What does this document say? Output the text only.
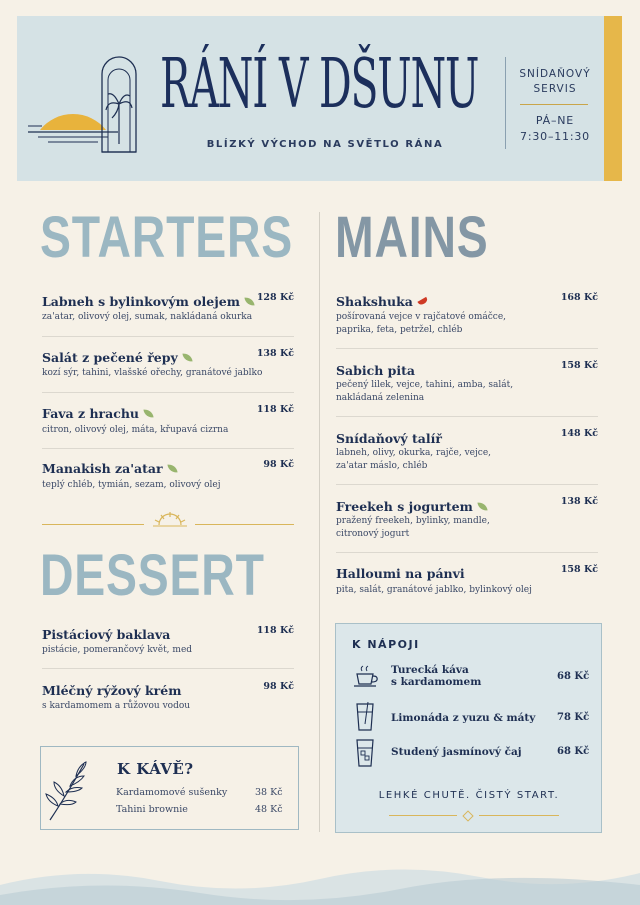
RÁNÍ V DŠUNU
BLÍZKÝ VÝCHOD NA SVĚTLO RÁNA
SNÍDAŇOVÝ
SERVIS
PÁ–NE
7:30–11:30
STARTERS
Labneh s bylinkovým olejem	128 Kč
za'atar, olivový olej, sumak, nakládaná okurka
Salát z pečené řepy	138 Kč
kozí sýr, tahini, vlašské ořechy, granátové jablko
Fava z hrachu	118 Kč
citron, olivový olej, máta, křupavá cizrna
Manakish za'atar	98 Kč
teplý chléb, tymián, sezam, olivový olej
DESSERT
Pistáciový baklava	118 Kč
pistácie, pomerančový květ, med
Mléčný rýžový krém	98 Kč
s kardamomem a růžovou vodou
K KÁVĚ?
Kardamomové sušenky	38 Kč
Tahini brownie	48 Kč
MAINS
Shakshuka	168 Kč
pošírovaná vejce v rajčatové omáčce,
paprika, feta, petržel, chléb
Sabich pita	158 Kč
pečený lilek, vejce, tahini, amba, salát,
nakládaná zelenina
Snídaňový talíř	148 Kč
labneh, olivy, okurka, rajče, vejce,
za'atar máslo, chléb
Freekeh s jogurtem	138 Kč
pražený freekeh, bylinky, mandle,
citronový jogurt
Halloumi na pánvi	158 Kč
pita, salát, granátové jablko, bylinkový olej
K NÁPOJI
Turecká káva
s kardamomem	68 Kč
Limonáda z yuzu & máty 78 Kč
Studený jasmínový čaj	68 Kč
LEHKÉ CHUTĚ. ČISTÝ START.
